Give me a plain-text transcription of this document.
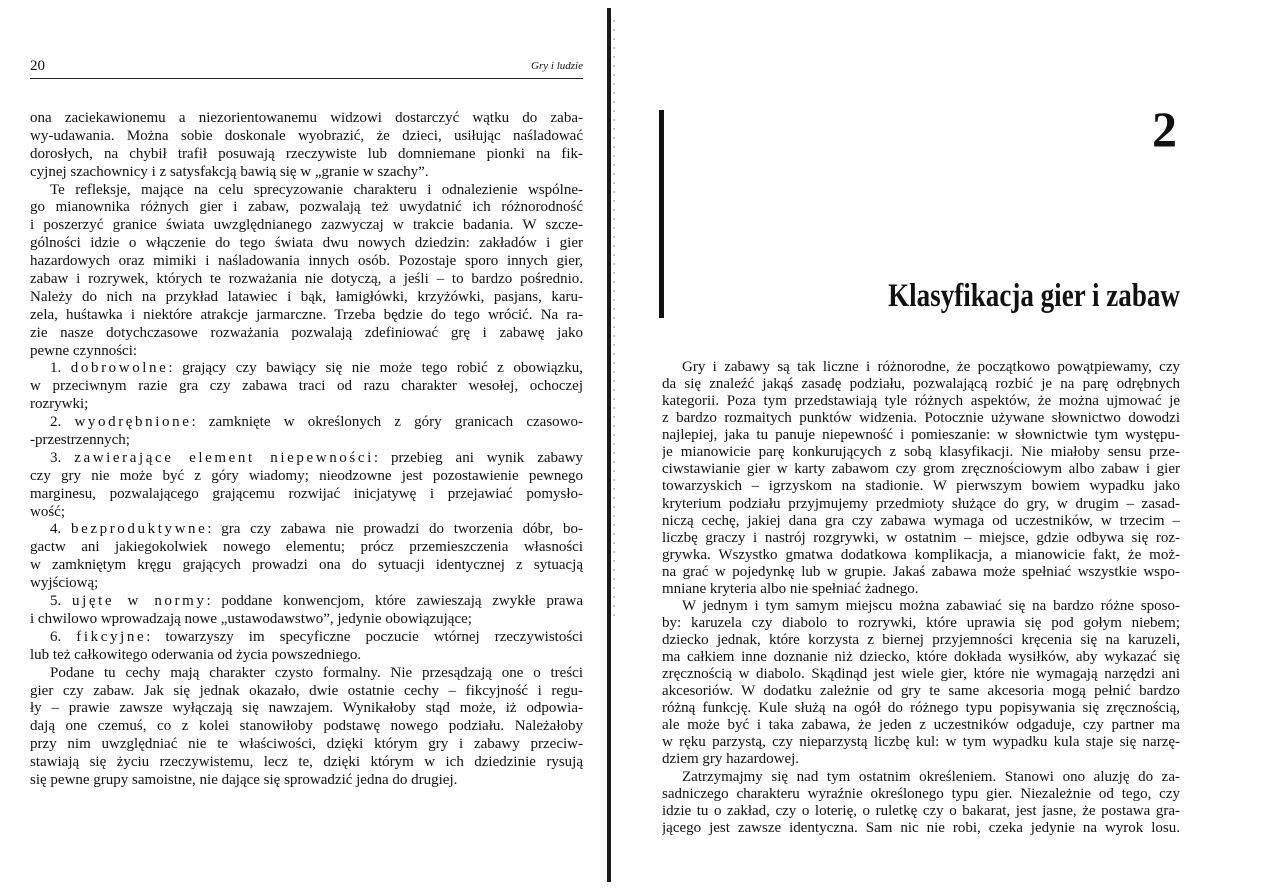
20	Gry i ludzie
ona zaciekawionemu a niezorientowanemu widzowi dostarczyć wątku do zaba-
wy-udawania. Można sobie doskonale wyobrazić, że dzieci, usiłując naśladować
dorosłych, na chybił trafił posuwają rzeczywiste lub domniemane pionki na fik-
cyjnej szachownicy i z satysfakcją bawią się w „granie w szachy”.
Te refleksje, mające na celu sprecyzowanie charakteru i odnalezienie wspólne-
go mianownika różnych gier i zabaw, pozwalają też uwydatnić ich różnorodność
i poszerzyć granice świata uwzględnianego zazwyczaj w trakcie badania. W szcze-
gólności idzie o włączenie do tego świata dwu nowych dziedzin: zakładów i gier
hazardowych oraz mimiki i naśladowania innych osób. Pozostaje sporo innych gier,
zabaw i rozrywek, których te rozważania nie dotyczą, a jeśli – to bardzo pośrednio.
Należy do nich na przykład latawiec i bąk, łamigłówki, krzyżówki, pasjans, karu-
zela, huśtawka i niektóre atrakcje jarmarczne. Trzeba będzie do tego wrócić. Na ra-
zie nasze dotychczasowe rozważania pozwalają zdefiniować grę i zabawę jako
pewne czynności:
1. dobrowolne: grający czy bawiący się nie może tego robić z obowiązku,
w przeciwnym razie gra czy zabawa traci od razu charakter wesołej, ochoczej
rozrywki;
2. wyodrębnione: zamknięte w określonych z góry granicach czasowo-
-przestrzennych;
3. zawierające element niepewności: przebieg ani wynik zabawy
czy gry nie może być z góry wiadomy; nieodzowne jest pozostawienie pewnego
marginesu, pozwalającego grającemu rozwijać inicjatywę i przejawiać pomysło-
wość;
4. bezproduktywne: gra czy zabawa nie prowadzi do tworzenia dóbr, bo-
gactw ani jakiegokolwiek nowego elementu; prócz przemieszczenia własności
w zamkniętym kręgu grających prowadzi ona do sytuacji identycznej z sytuacją
wyjściową;
5. ujęte w normy: poddane konwencjom, które zawieszają zwykłe prawa
i chwilowo wprowadzają nowe „ustawodawstwo”, jedynie obowiązujące;
6. fikcyjne: towarzyszy im specyficzne poczucie wtórnej rzeczywistości
lub też całkowitego oderwania od życia powszedniego.
Podane tu cechy mają charakter czysto formalny. Nie przesądzają one o treści
gier czy zabaw. Jak się jednak okazało, dwie ostatnie cechy – fikcyjność i regu-
ły – prawie zawsze wyłączają się nawzajem. Wynikałoby stąd może, iż odpowia-
dają one czemuś, co z kolei stanowiłoby podstawę nowego podziału. Należałoby
przy nim uwzględniać nie te właściwości, dzięki którym gry i zabawy przeciw-
stawiają się życiu rzeczywistemu, lecz te, dzięki którym w ich dziedzinie rysują
się pewne grupy samoistne, nie dające się sprowadzić jedna do drugiej.
2
Klasyfikacja gier i zabaw
Gry i zabawy są tak liczne i różnorodne, że początkowo powątpiewamy, czy
da się znaleźć jakąś zasadę podziału, pozwalającą rozbić je na parę odrębnych
kategorii. Poza tym przedstawiają tyle różnych aspektów, że można ujmować je
z bardzo rozmaitych punktów widzenia. Potocznie używane słownictwo dowodzi
najlepiej, jaka tu panuje niepewność i pomieszanie: w słownictwie tym występu-
je mianowicie parę konkurujących z sobą klasyfikacji. Nie miałoby sensu prze-
ciwstawianie gier w karty zabawom czy grom zręcznościowym albo zabaw i gier
towarzyskich – igrzyskom na stadionie. W pierwszym bowiem wypadku jako
kryterium podziału przyjmujemy przedmioty służące do gry, w drugim – zasad-
niczą cechę, jakiej dana gra czy zabawa wymaga od uczestników, w trzecim –
liczbę graczy i nastrój rozgrywki, w ostatnim – miejsce, gdzie odbywa się roz-
grywka. Wszystko gmatwa dodatkowa komplikacja, a mianowicie fakt, że moż-
na grać w pojedynkę lub w grupie. Jakaś zabawa może spełniać wszystkie wspo-
mniane kryteria albo nie spełniać żadnego.
W jednym i tym samym miejscu można zabawiać się na bardzo różne sposo-
by: karuzela czy diabolo to rozrywki, które uprawia się pod gołym niebem;
dziecko jednak, które korzysta z biernej przyjemności kręcenia się na karuzeli,
ma całkiem inne doznanie niż dziecko, które dokłada wysiłków, aby wykazać się
zręcznością w diabolo. Skądinąd jest wiele gier, które nie wymagają narzędzi ani
akcesoriów. W dodatku zależnie od gry te same akcesoria mogą pełnić bardzo
różną funkcję. Kule służą na ogół do różnego typu popisywania się zręcznością,
ale może być i taka zabawa, że jeden z uczestników odgaduje, czy partner ma
w ręku parzystą, czy nieparzystą liczbę kul: w tym wypadku kula staje się narzę-
dziem gry hazardowej.
Zatrzymajmy się nad tym ostatnim określeniem. Stanowi ono aluzję do za-
sadniczego charakteru wyraźnie określonego typu gier. Niezależnie od tego, czy
idzie tu o zakład, czy o loterię, o ruletkę czy o bakarat, jest jasne, że postawa gra-
jącego jest zawsze identyczna. Sam nic nie robi, czeka jedynie na wyrok losu.
